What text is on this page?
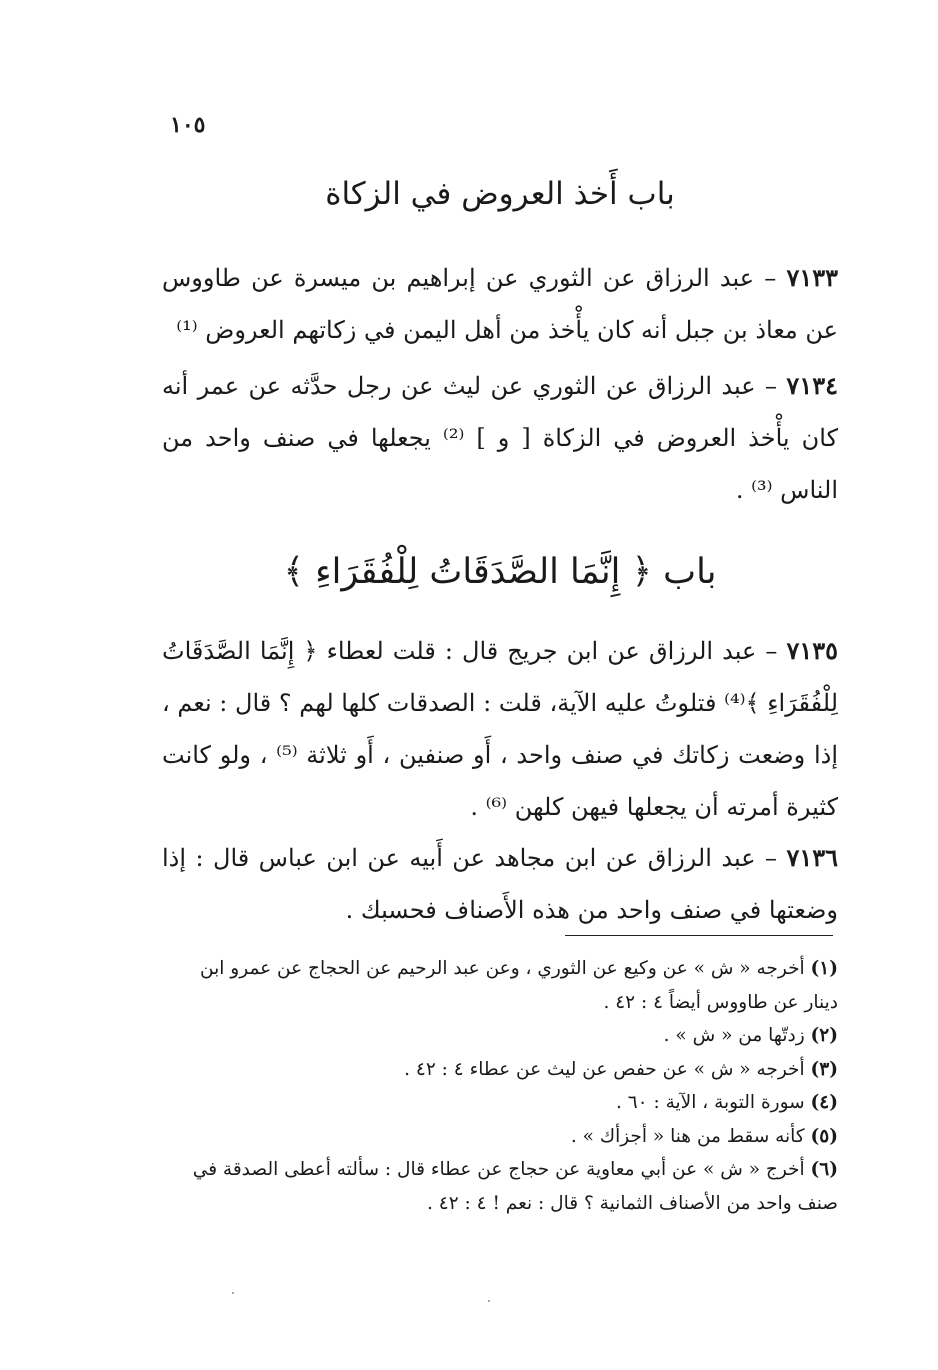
١٠٥
باب أَخذ العروض في الزكاة

٧١٣٣ – عبد الرزاق عن الثوري عن إبراهيم بن ميسرة عن طاووس عن معاذ بن جبل أنه كان يأْخذ من أهل اليمن في زكاتهم العروض ⁽¹⁾

٧١٣٤ – عبد الرزاق عن الثوري عن ليث عن رجل حدَّثه عن عمر أنه كان يأْخذ العروض في الزكاة [ و ] ⁽²⁾ يجعلها في صنف واحد من الناس ⁽³⁾ .

باب ﴿ إِنَّمَا الصَّدَقَاتُ لِلْفُقَرَاءِ ﴾

٧١٣٥ – عبد الرزاق عن ابن جريج قال : قلت لعطاء ﴿ إِنَّمَا الصَّدَقَاتُ لِلْفُقَرَاءِ ﴾⁽⁴⁾ فتلوتُ عليه الآية، قلت : الصدقات كلها لهم ؟ قال : نعم ، إذا وضعت زكاتك في صنف واحد ، أَو صنفين ، أَو ثلاثة ⁽⁵⁾ ، ولو كانت كثيرة أمرته أن يجعلها فيهن كلهن ⁽⁶⁾ .

٧١٣٦ – عبد الرزاق عن ابن مجاهد عن أَبيه عن ابن عباس قال : إذا وضعتها في صنف واحد من هذه الأَصناف فحسبك .

(١) أخرجه « ش » عن وكيع عن الثوري ، وعن عبد الرحيم عن الحجاج عن عمرو ابن دينار عن طاووس أيضاً ٤ : ٤٢ .
(٢) زدتّها من « ش » .
(٣) أخرجه « ش » عن حفص عن ليث عن عطاء ٤ : ٤٢ .
(٤) سورة التوبة ، الآية : ٦٠ .
(٥) كأنه سقط من هنا « أجزأك » .
(٦) أخرج « ش » عن أبي معاوية عن حجاج عن عطاء قال : سألته أعطى الصدقة في صنف واحد من الأصناف الثمانية ؟ قال : نعم ! ٤ : ٤٢ .
